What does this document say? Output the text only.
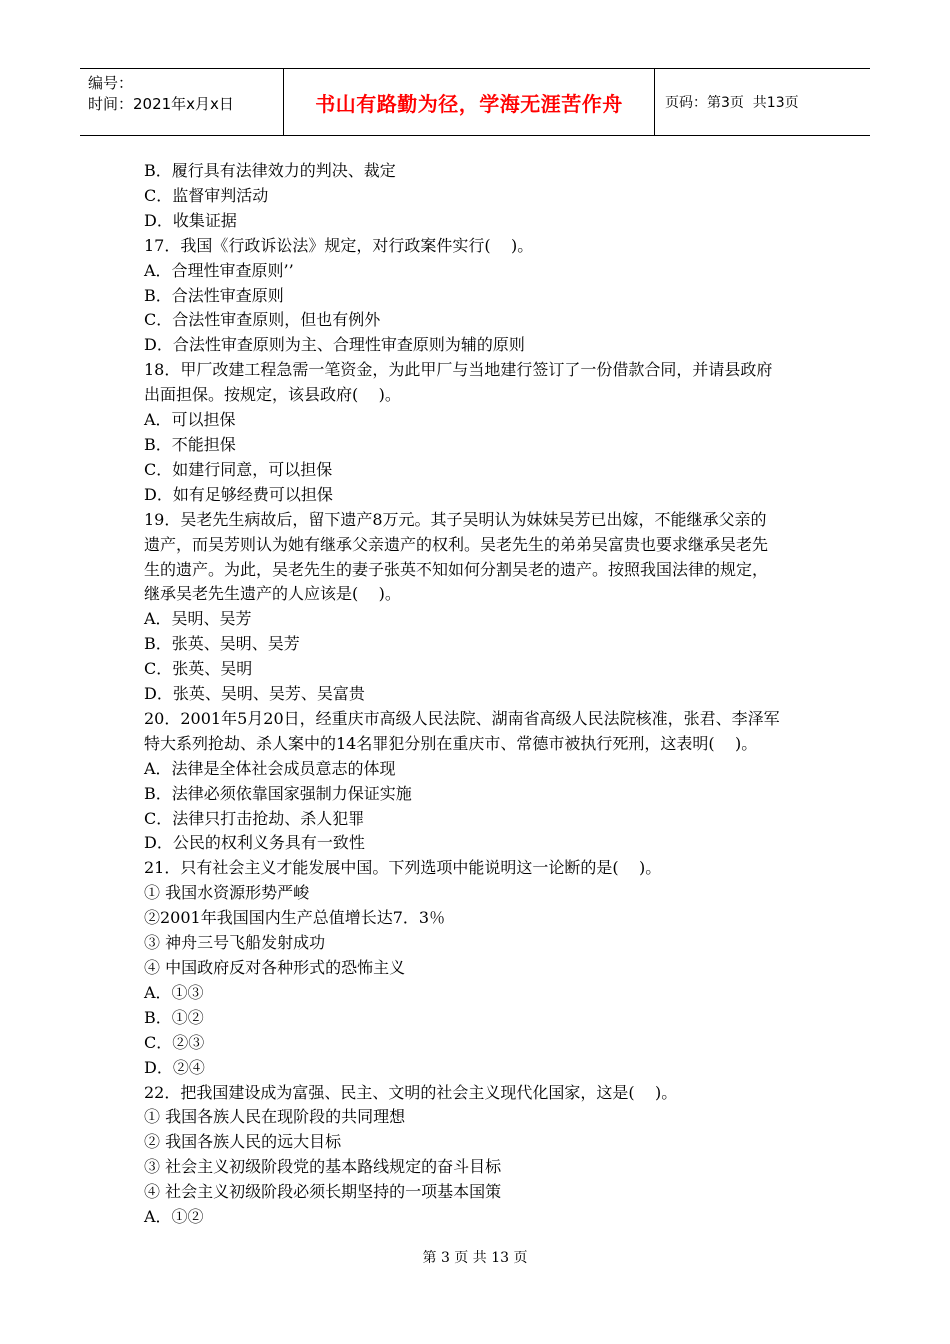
编号：
时间：2021年x月x日	书山有路勤为径，学海无涯苦作舟	页码：第3页  共13页

B．履行具有法律效力的判决、裁定

C．监督审判活动

D．收集证据

17．我国《行政诉讼法》规定，对行政案件实行(    )。

A．合理性审查原则’’

B．合法性审查原则

C．合法性审查原则，但也有例外

D．合法性审查原则为主、合理性审查原则为辅的原则

18．甲厂改建工程急需一笔资金，为此甲厂与当地建行签订了一份借款合同，并请县政府

出面担保。按规定，该县政府(    )。

A．可以担保

B．不能担保

C．如建行同意，可以担保

D．如有足够经费可以担保

19．吴老先生病故后，留下遗产8万元。其子吴明认为妹妹吴芳已出嫁，不能继承父亲的

遗产，而吴芳则认为她有继承父亲遗产的权利。吴老先生的弟弟吴富贵也要求继承吴老先

生的遗产。为此，吴老先生的妻子张英不知如何分割吴老的遗产。按照我国法律的规定，

继承吴老先生遗产的人应该是(    )。

A．吴明、吴芳

B．张英、吴明、吴芳

C．张英、吴明

D．张英、吴明、吴芳、吴富贵

20．2001年5月20日，经重庆市高级人民法院、湖南省高级人民法院核准，张君、李泽军

特大系列抢劫、杀人案中的14名罪犯分别在重庆市、常德市被执行死刑，这表明(    )。

A．法律是全体社会成员意志的体现

B．法律必须依靠国家强制力保证实施

C．法律只打击抢劫、杀人犯罪

D．公民的权利义务具有一致性

21．只有社会主义才能发展中国。下列选项中能说明这一论断的是(    )。

① 我国水资源形势严峻

②2001年我国国内生产总值增长达7．3％

③ 神舟三号飞船发射成功

④ 中国政府反对各种形式的恐怖主义

A．①③

B．①②

C．②③

D．②④

22．把我国建设成为富强、民主、文明的社会主义现代化国家，这是(    )。

① 我国各族人民在现阶段的共同理想

② 我国各族人民的远大目标

③ 社会主义初级阶段党的基本路线规定的奋斗目标

④ 社会主义初级阶段必须长期坚持的一项基本国策

A．①②

第 3 页 共 13 页
